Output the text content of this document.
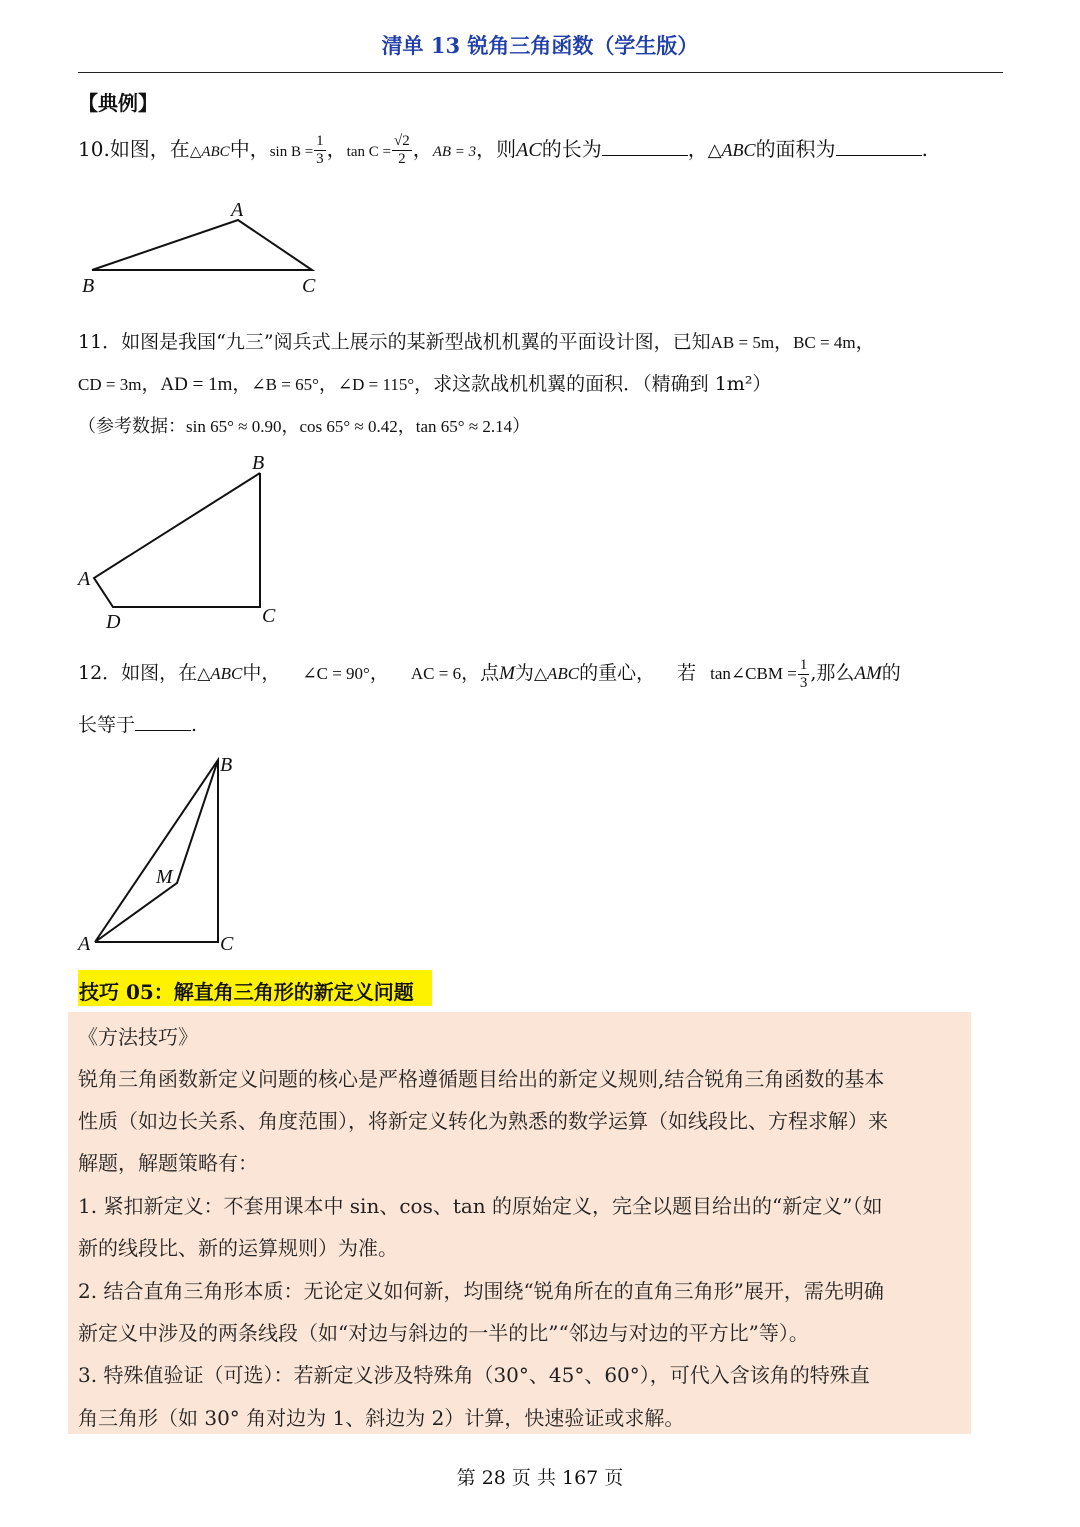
清单 13 锐角三角函数（学生版）
【典例】
10.如图，在△ABC中，$\sin B = \frac{1}{3}$ ，$\tan C = \frac{√2}{2}$ ，AB = 3，则AC的长为	，△ABC的面积为	.
A
B	C
11．如图是我国“九三”阅兵式上展示的某新型战机机翼的平面设计图，已知AB = 5m，BC = 4m，
CD = 3m，AD = 1m，∠B = 65°，∠D = 115°，求这款战机机翼的面积．（精确到 1m²）
（参考数据：sin 65° ≈ 0.90，cos 65° ≈ 0.42，tan 65° ≈ 2.14）
B
A
C
D
12．如图，在△ABC中， ∠C = 90°， AC = 6，点M为△ABC的重心， 若 tan∠CBM = $\frac{1}{3}$ ,那么AM的
长等于	.
B
M
A	C
技巧 05：解直角三角形的新定义问题
《方法技巧》
锐角三角函数新定义问题的核心是严格遵循题目给出的新定义规则,结合锐角三角函数的基本
性质（如边长关系、角度范围），将新定义转化为熟悉的数学运算（如线段比、方程求解）来
解题，解题策略有：
1. 紧扣新定义：不套用课本中 sin、cos、tan 的原始定义，完全以题目给出的“新定义”（如
新的线段比、新的运算规则）为准。
2. 结合直角三角形本质：无论定义如何新，均围绕“锐角所在的直角三角形”展开，需先明确
新定义中涉及的两条线段（如“对边与斜边的一半的比”“邻边与对边的平方比”等）。
3. 特殊值验证（可选）：若新定义涉及特殊角（30°、45°、60°），可代入含该角的特殊直
角三角形（如 30° 角对边为 1、斜边为 2）计算，快速验证或求解。
第 28 页 共 167 页
